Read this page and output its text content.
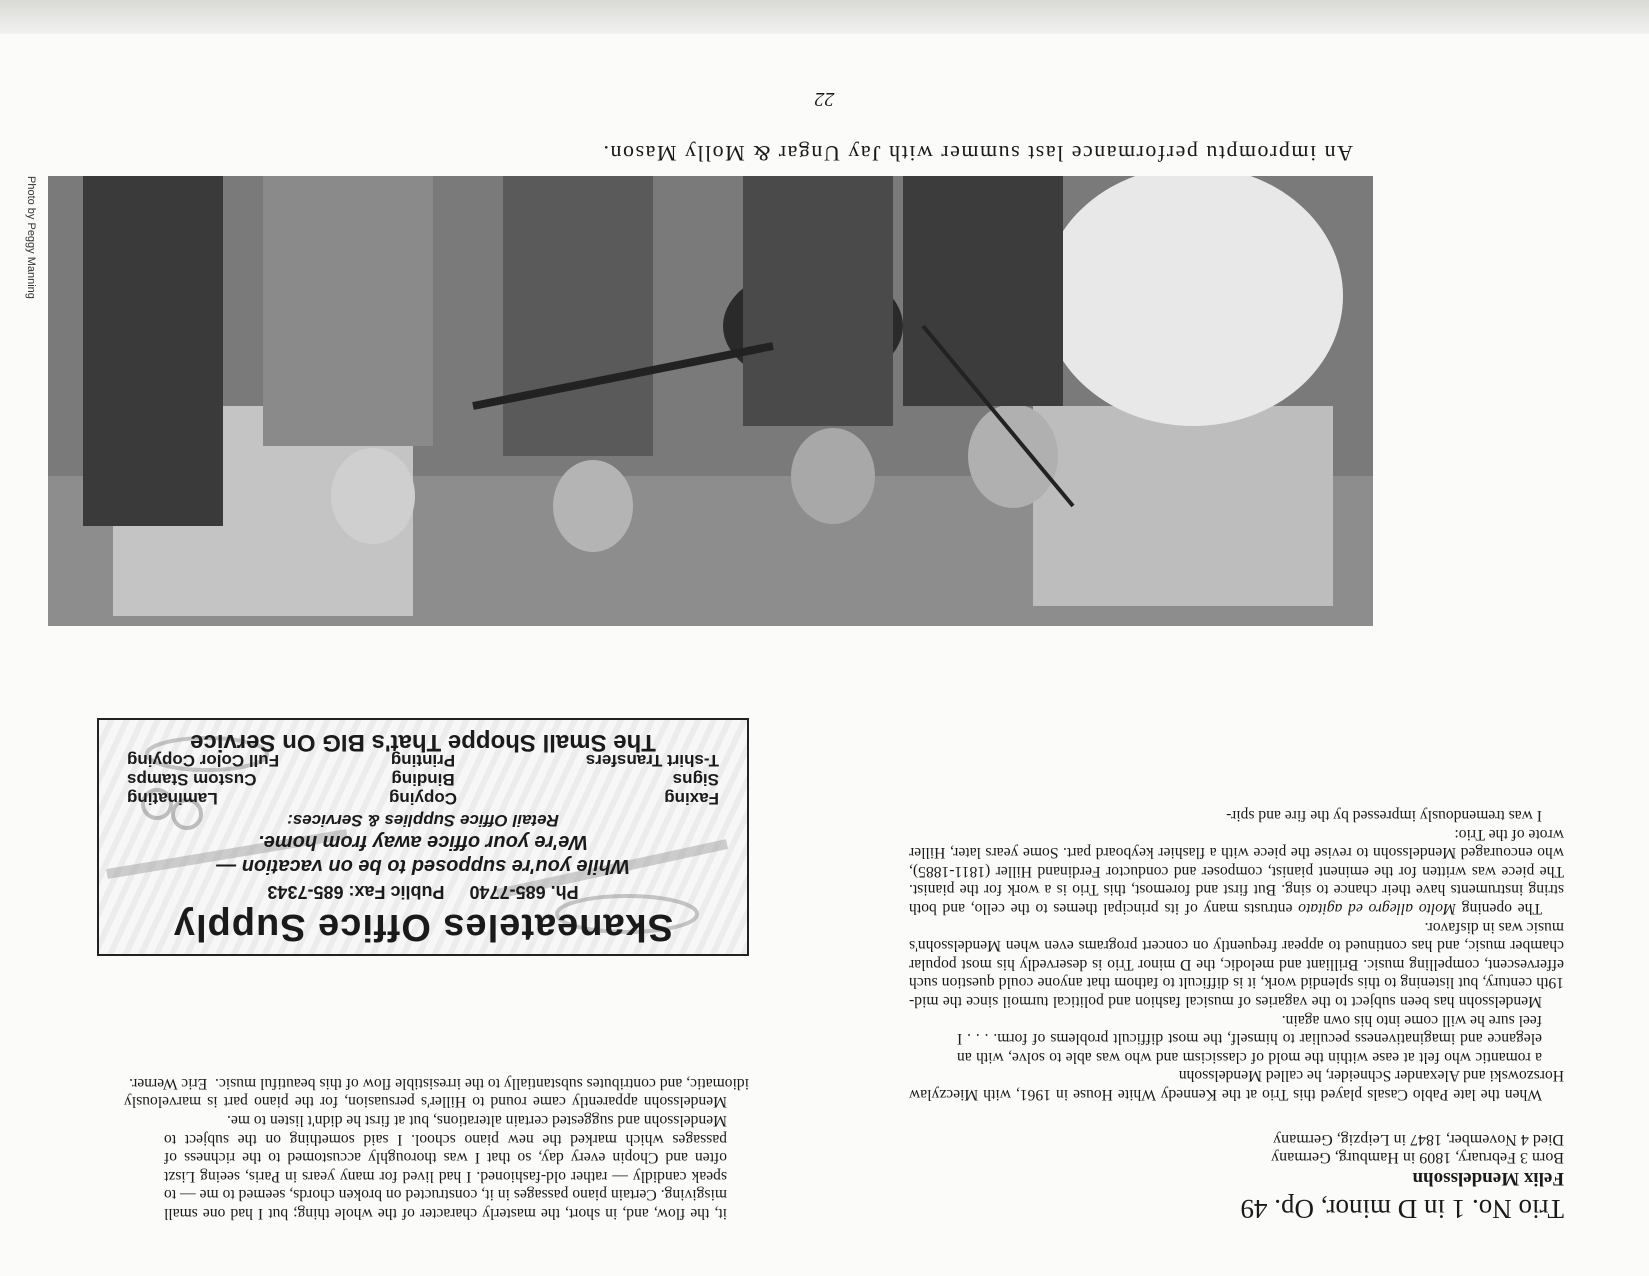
Trio No. 1 in D minor, Op. 49
Felix Mendelssohn
Born 3 February, 1809 in Hamburg, Germany
Died 4 November, 1847 in Leipzig, Germany

When the late Pablo Casals played this Trio at the Kennedy White House in 1961, with Mieczylaw Horszowski and Alexander Schneider, he called Mendelssohn

a romantic who felt at ease within the mold of classicism and who was able to solve, with an elegance and imaginativeness peculiar to himself, the most difficult problems of form. . . . I feel sure he will come into his own again.

Mendelssohn has been subject to the vagaries of musical fashion and political turmoil since the mid-19th century, but listening to this splendid work, it is difficult to fathom that anyone could question such effervescent, compelling music. Brilliant and melodic, the D minor Trio is deservedly his most popular chamber music, and has continued to appear frequently on concert programs even when Mendelssohn's music was in disfavor.

The opening Molto allegro ed agitato entrusts many of its principal themes to the cello, and both string instruments have their chance to sing. But first and foremost, this Trio is a work for the pianist. The piece was written for the eminent pianist, composer and conductor Ferdinand Hiller (1811-1885), who encouraged Mendelssohn to revise the piece with a flashier keyboard part. Some years later, Hiller wrote of the Trio:

I was tremendously impressed by the fire and spir-
it, the flow, and, in short, the masterly character of the whole thing; but I had one small misgiving. Certain piano passages in it, constructed on broken chords, seemed to me — to speak candidly — rather old-fashioned. I had lived for many years in Paris, seeing Liszt often and Chopin every day, so that I was thoroughly accustomed to the richness of passages which marked the new piano school. I said something on the subject to Mendelssohn and suggested certain alterations, but at first he didn't listen to me.

Mendelssohn apparently came round to Hiller's persuasion, for the piano part is marvelously idiomatic, and contributes substantially to the irresistible flow of this beautiful music.  Eric Werner.

Skaneateles Office Supply
Ph. 685-7740     Public Fax: 685-7343
While you're supposed to be on vacation —
We're your office away from home.
Retail Office Supplies & Services:
Faxing
Copying
Laminating
Signs
Binding
Custom Stamps
T-shirt Transfers
Printing
Full Color Copying
The Small Shoppe That's BIG On Service
Photo by Peggy Manning
An impromptu performance last summer with Jay Ungar & Molly Mason.
22
